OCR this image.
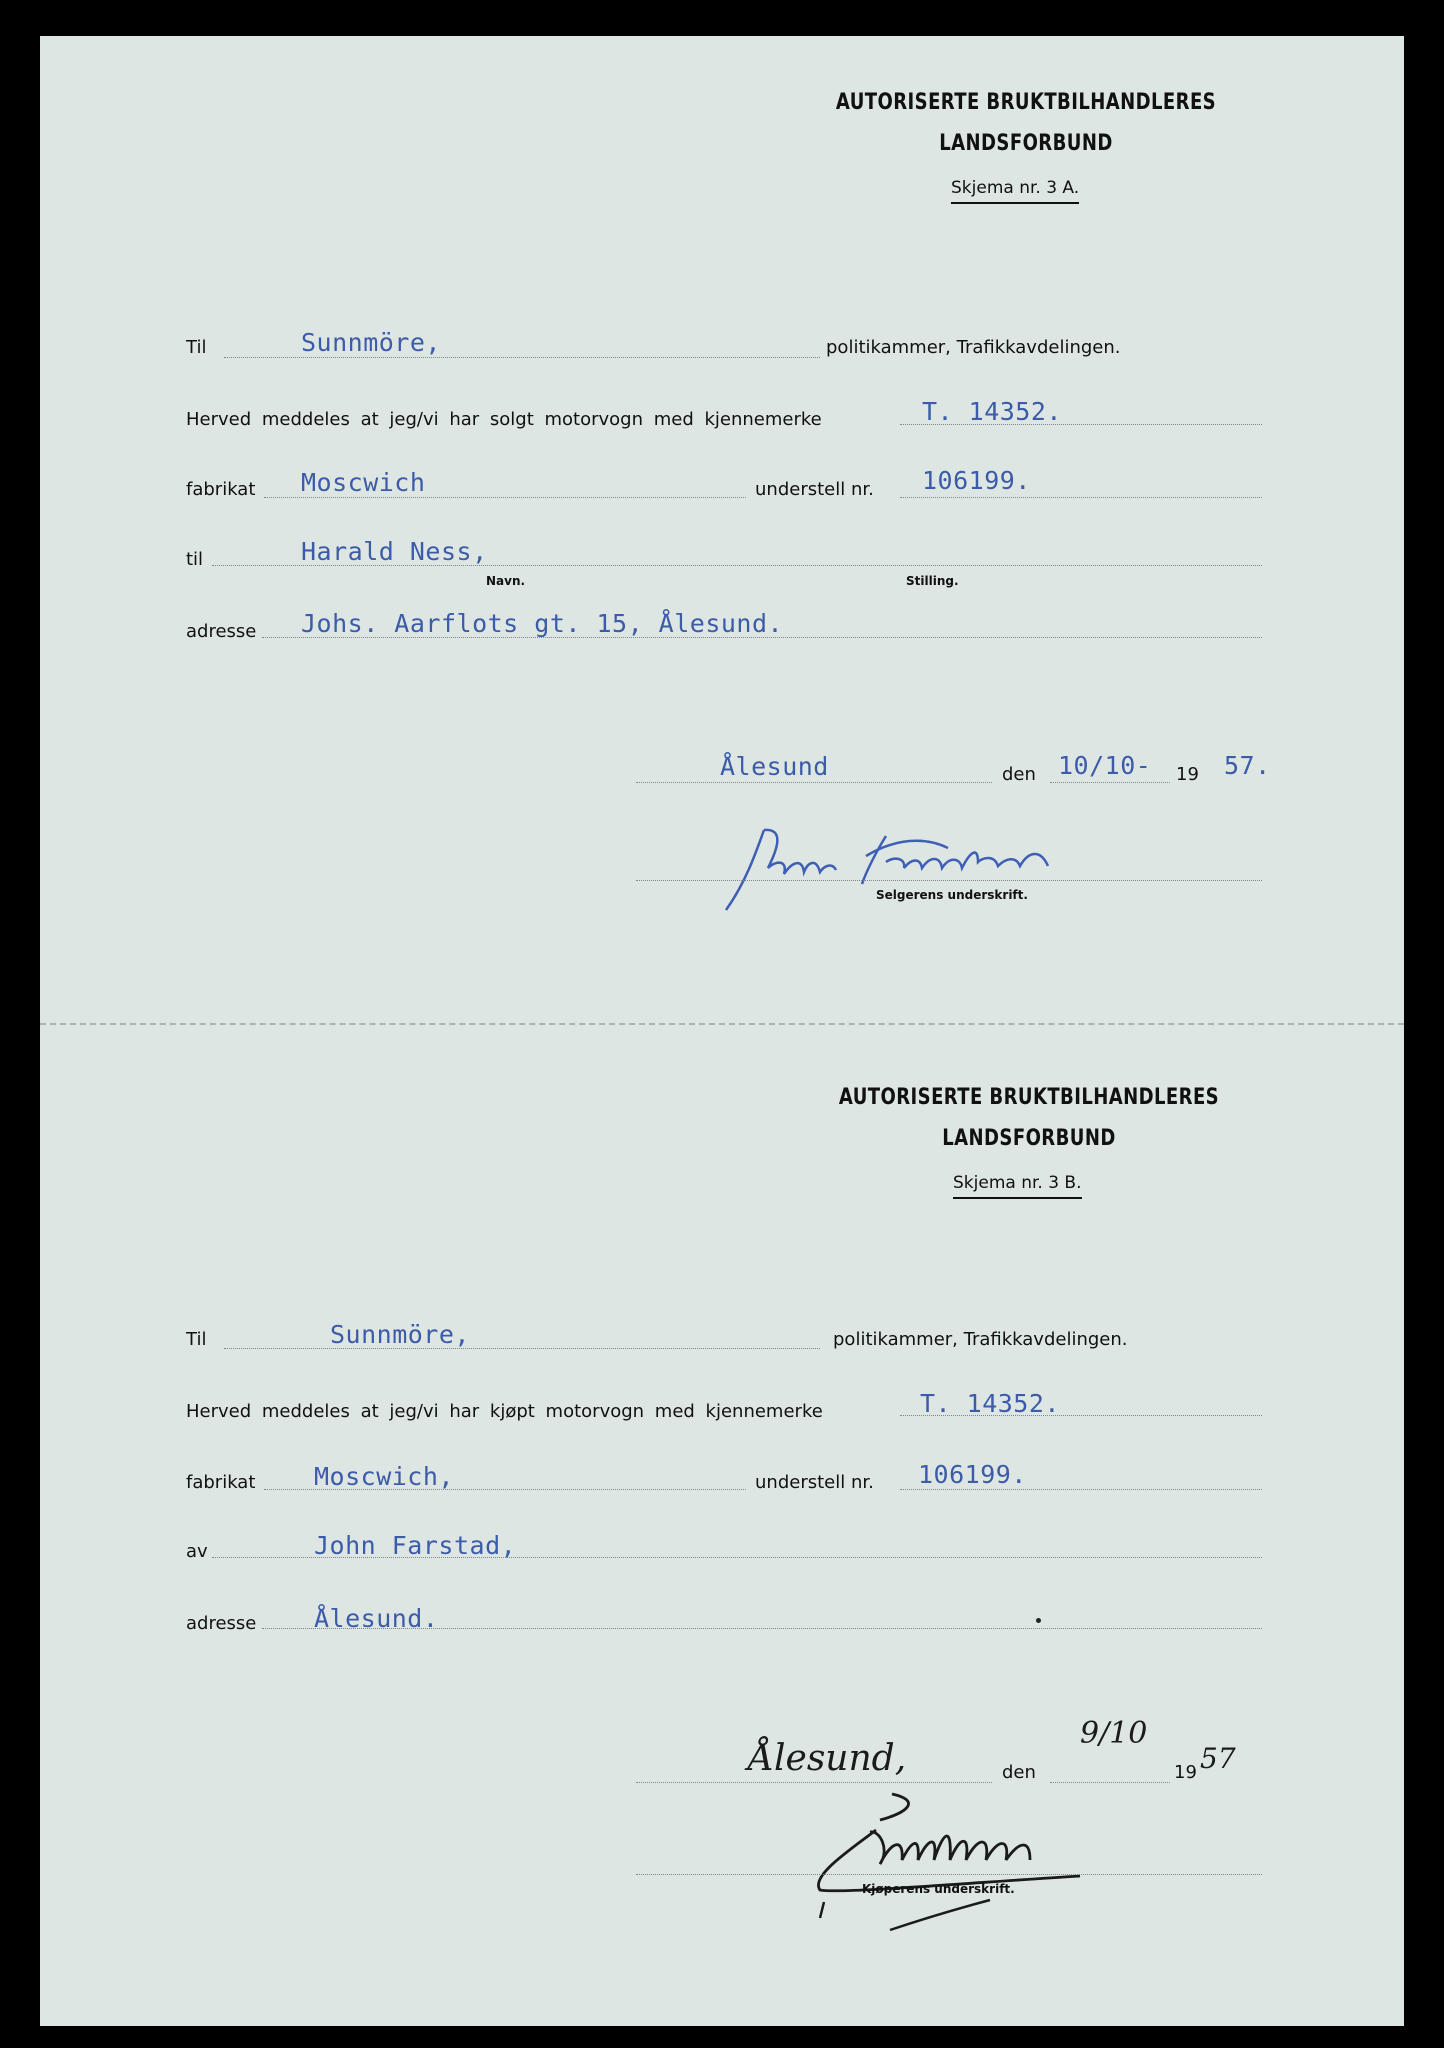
AUTORISERTE BRUKTBILHANDLERES
LANDSFORBUND
Skjema nr. 3 A.
Til	Sunnmöre,	politikammer, Trafikkavdelingen.
Herved meddeles at jeg/vi har solgt motorvogn med kjennemerke	T. 14352.
fabrikat Moscwich	understell nr. 106199.
til	Harald Ness,
Navn.	Stilling.
adresse Johs. Aarflots gt. 15, Ålesund.
Ålesund	den 10/10- 19 57.
Selgerens underskrift.
AUTORISERTE BRUKTBILHANDLERES
LANDSFORBUND
Skjema nr. 3 B.
Til	Sunnmöre,	politikammer, Trafikkavdelingen.
Herved meddeles at jeg/vi har kjøpt motorvogn med kjennemerke	T. 14352.
fabrikat Moscwich,	understell nr. 106199.
av	John Farstad,
adresse Ålesund.
Ålesund,	den
9/10
19 57
Kjøperens underskrift.
